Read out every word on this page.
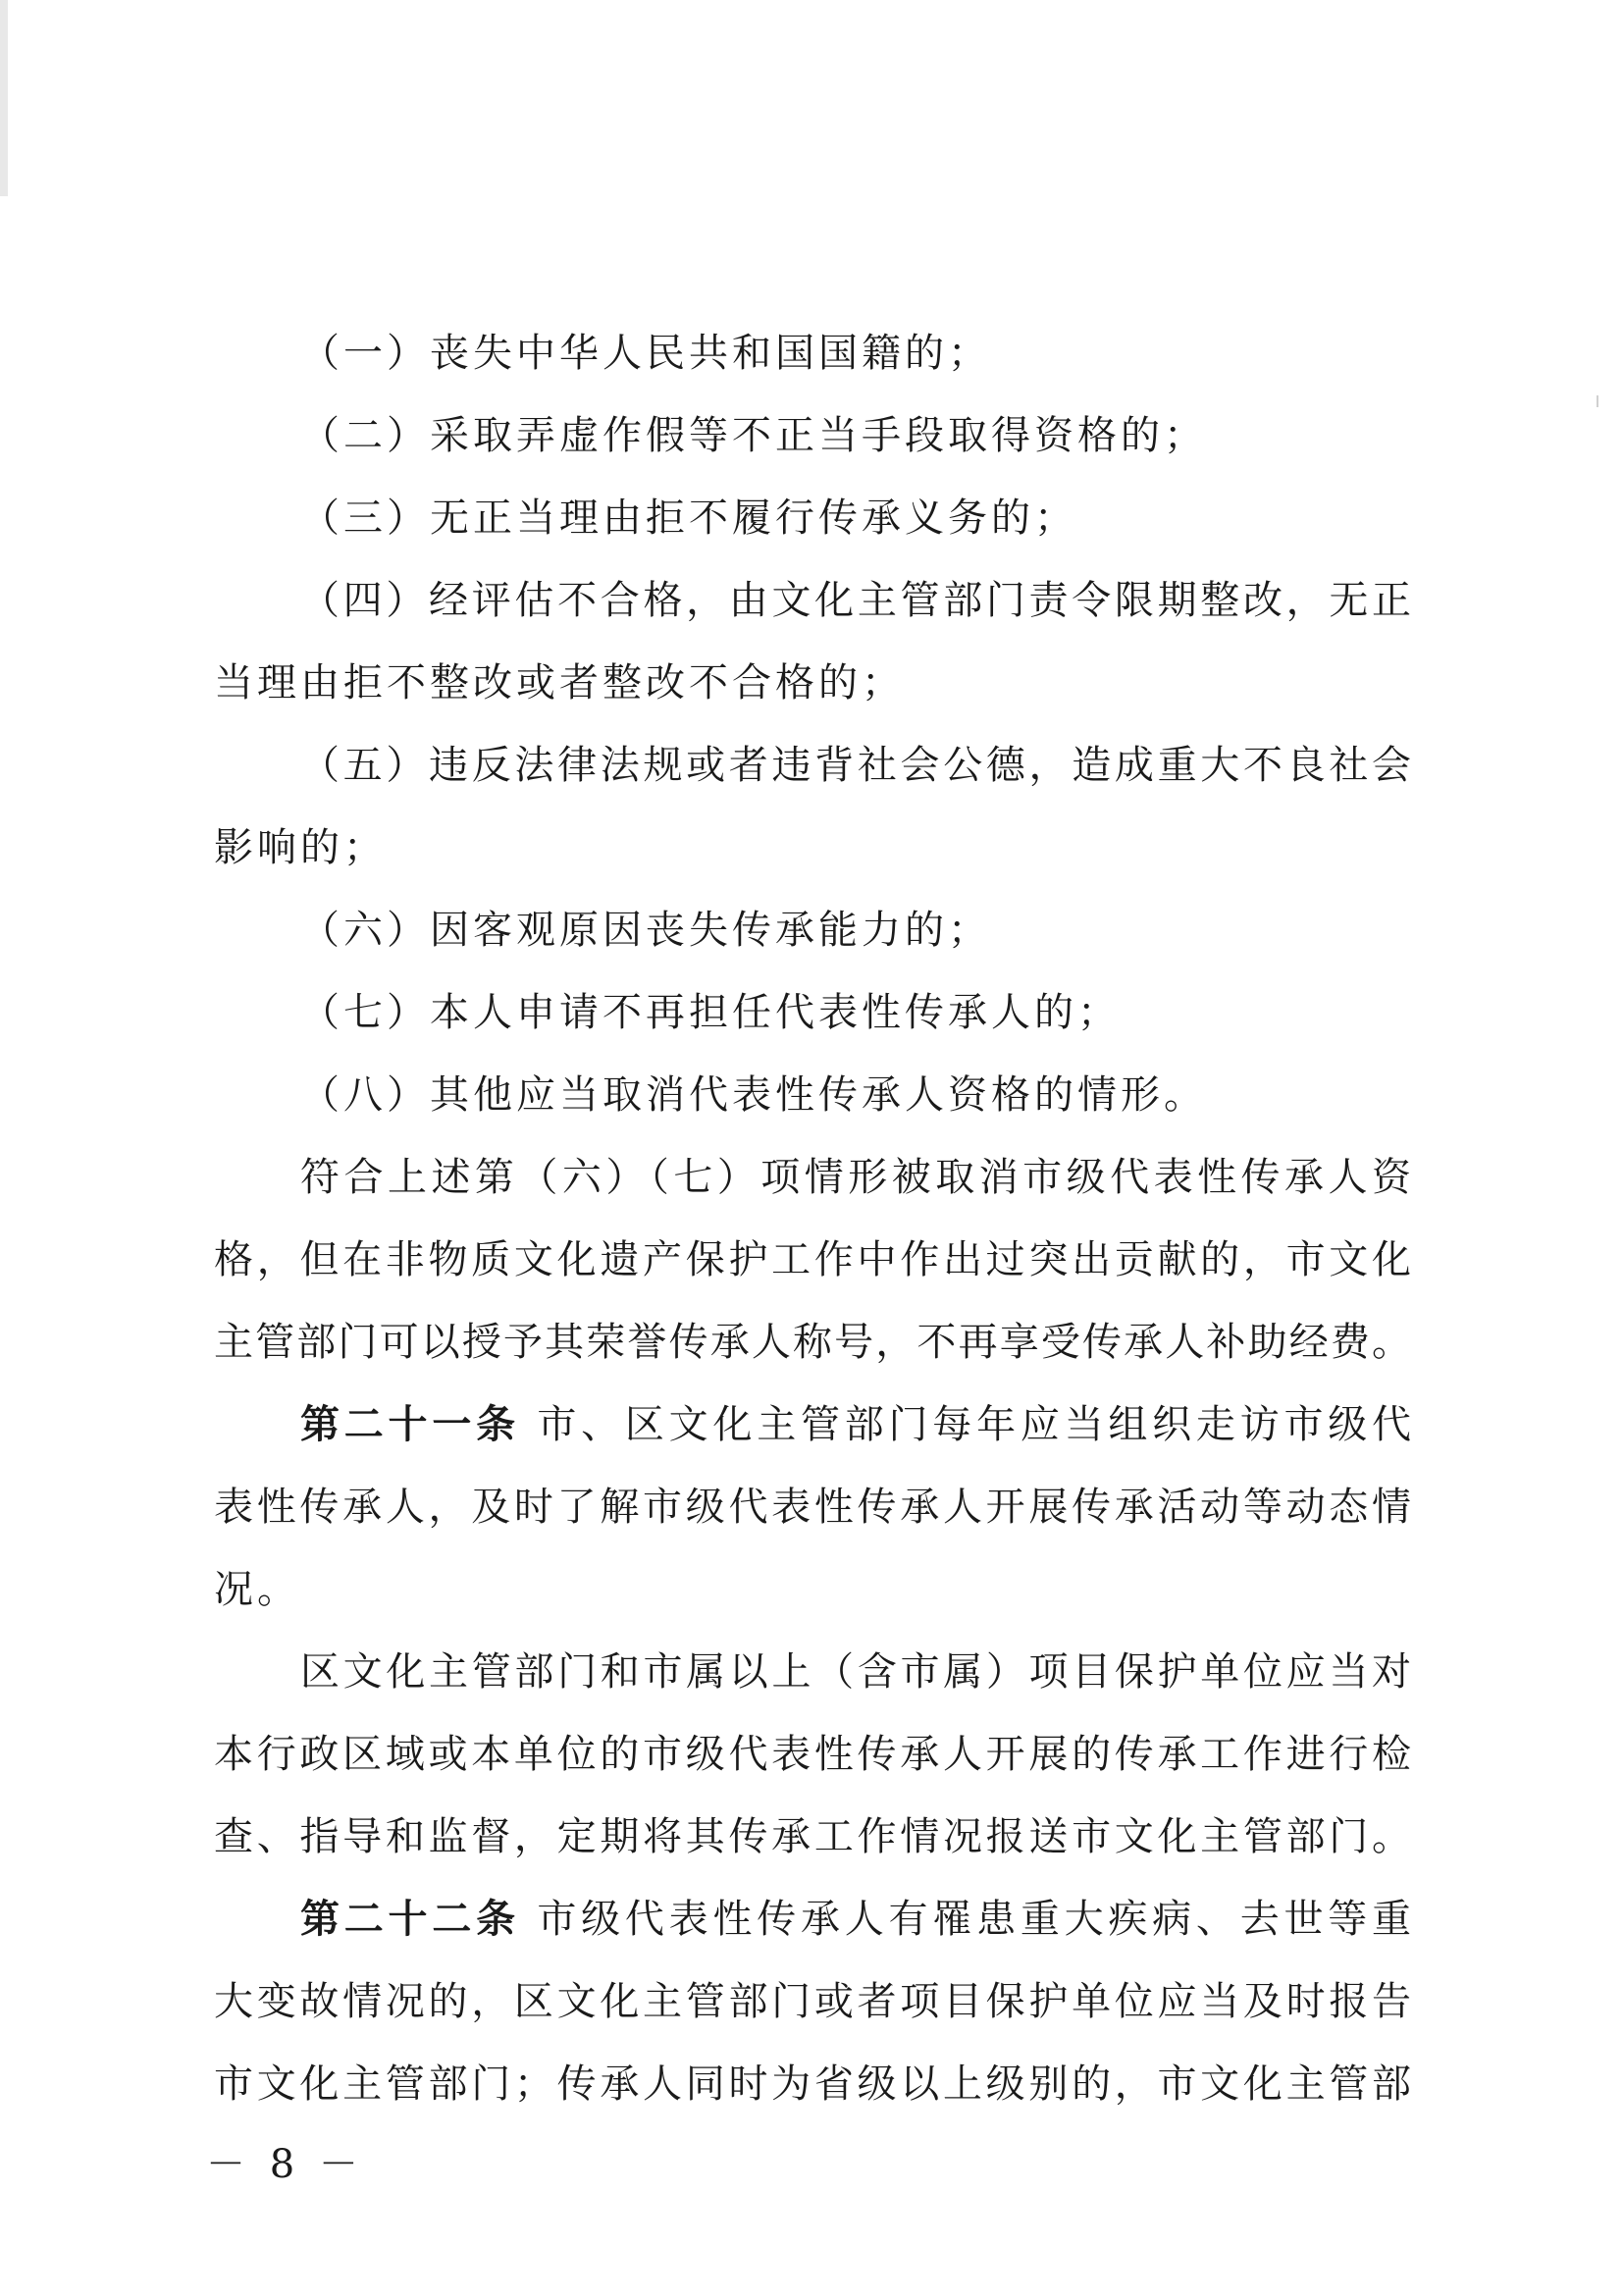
（一）丧失中华人民共和国国籍的；
（二）采取弄虚作假等不正当手段取得资格的；
（三）无正当理由拒不履行传承义务的；
（四）经评估不合格，由文化主管部门责令限期整改，无正
当理由拒不整改或者整改不合格的；
（五）违反法律法规或者违背社会公德，造成重大不良社会
影响的；
（六）因客观原因丧失传承能力的；
（七）本人申请不再担任代表性传承人的；
（八）其他应当取消代表性传承人资格的情形。
符合上述第（六）（七）项情形被取消市级代表性传承人资
格，但在非物质文化遗产保护工作中作出过突出贡献的，市文化
主管部门可以授予其荣誉传承人称号，不再享受传承人补助经费。
第二十一条 市、区文化主管部门每年应当组织走访市级代
表性传承人，及时了解市级代表性传承人开展传承活动等动态情
况。
区文化主管部门和市属以上（含市属）项目保护单位应当对
本行政区域或本单位的市级代表性传承人开展的传承工作进行检
查、指导和监督，定期将其传承工作情况报送市文化主管部门。
第二十二条 市级代表性传承人有罹患重大疾病、去世等重
大变故情况的，区文化主管部门或者项目保护单位应当及时报告
市文化主管部门；传承人同时为省级以上级别的，市文化主管部
－ 8 －
